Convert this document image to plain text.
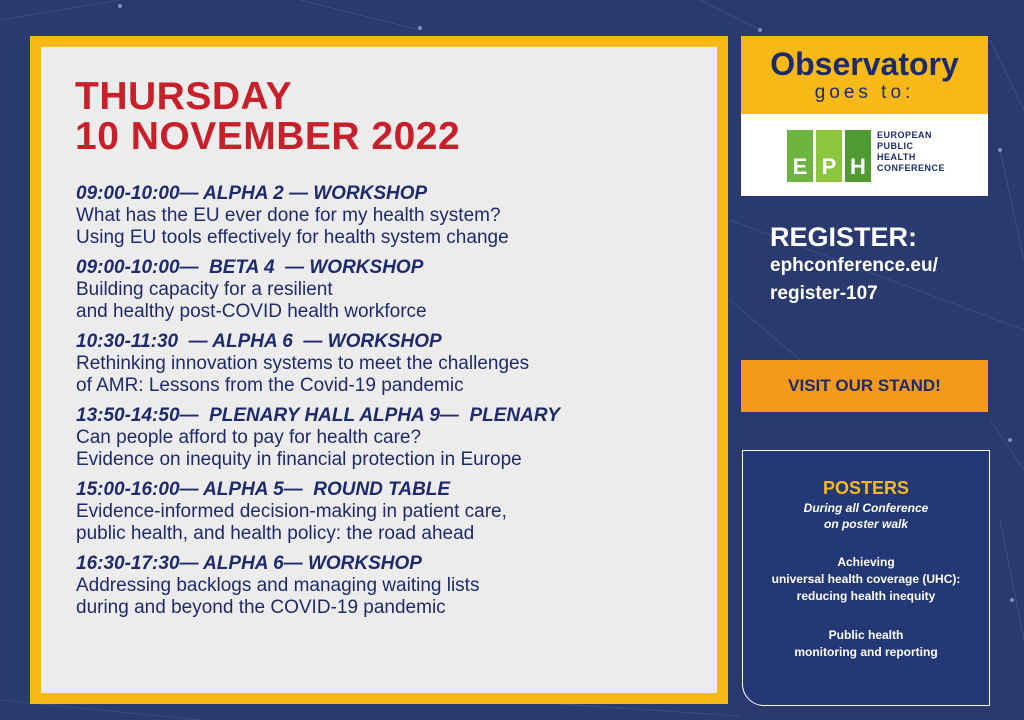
THURSDAY
10 NOVEMBER 2022
09:00-10:00— ALPHA 2 — WORKSHOP
What has the EU ever done for my health system?
Using EU tools effectively for health system change
09:00-10:00—  BETA 4  — WORKSHOP
Building capacity for a resilient
and healthy post-COVID health workforce
10:30-11:30  — ALPHA 6  — WORKSHOP
Rethinking innovation systems to meet the challenges
of AMR: Lessons from the Covid-19 pandemic
13:50-14:50—  PLENARY HALL ALPHA 9—  PLENARY
Can people afford to pay for health care?
Evidence on inequity in financial protection in Europe
15:00-16:00— ALPHA 5—  ROUND TABLE
Evidence-informed decision-making in patient care,
public health, and health policy: the road ahead
16:30-17:30— ALPHA 6— WORKSHOP
Addressing backlogs and managing waiting lists
during and beyond the COVID-19 pandemic
Observatory
goes to:
E P H
EUROPEAN
PUBLIC
HEALTH
CONFERENCE
REGISTER:
ephconference.eu/
register-107
VISIT OUR STAND!
POSTERS
During all Conference
on poster walk
Achieving
universal health coverage (UHC):
reducing health inequity
Public health
monitoring and reporting
